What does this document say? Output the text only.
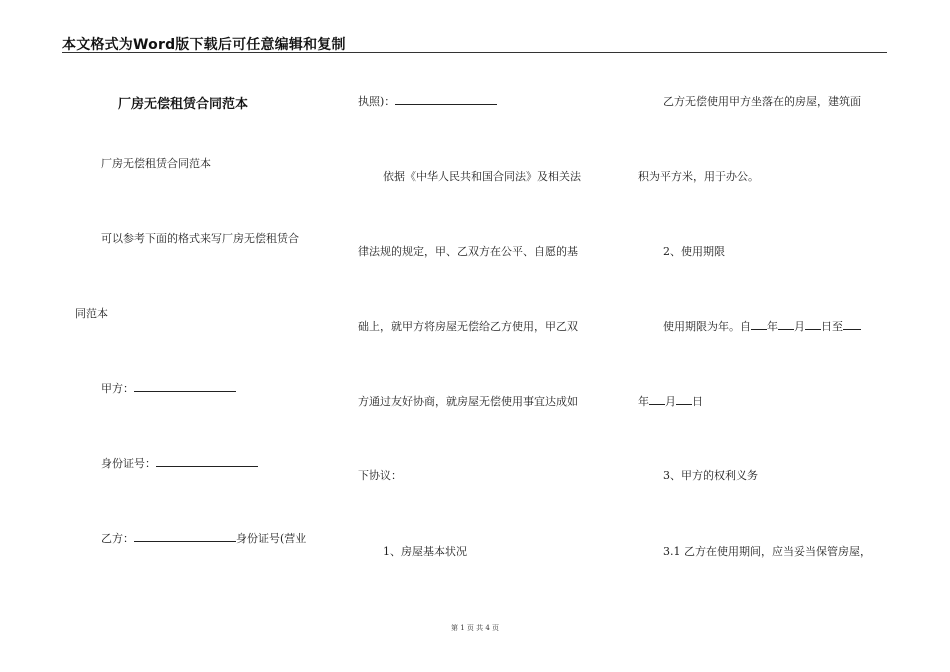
本文格式为Word版下载后可任意编辑和复制
厂房无偿租赁合同范本
厂房无偿租赁合同范本
可以参考下面的格式来写厂房无偿租赁合
同范本
甲方：
身份证号：
乙方：	身份证号(营业
执照)：
依据《中华人民共和国合同法》及相关法
律法规的规定，甲、乙双方在公平、自愿的基
础上，就甲方将房屋无偿给乙方使用，甲乙双
方通过友好协商，就房屋无偿使用事宜达成如
下协议：
1、房屋基本状况
乙方无偿使用甲方坐落在的房屋，建筑面
积为平方米，用于办公。
2、使用期限
使用期限为年。自 年 月 日至
年 月 日
3、甲方的权利义务
3.1 乙方在使用期间，应当妥当保管房屋，
第 1 页 共 4 页
